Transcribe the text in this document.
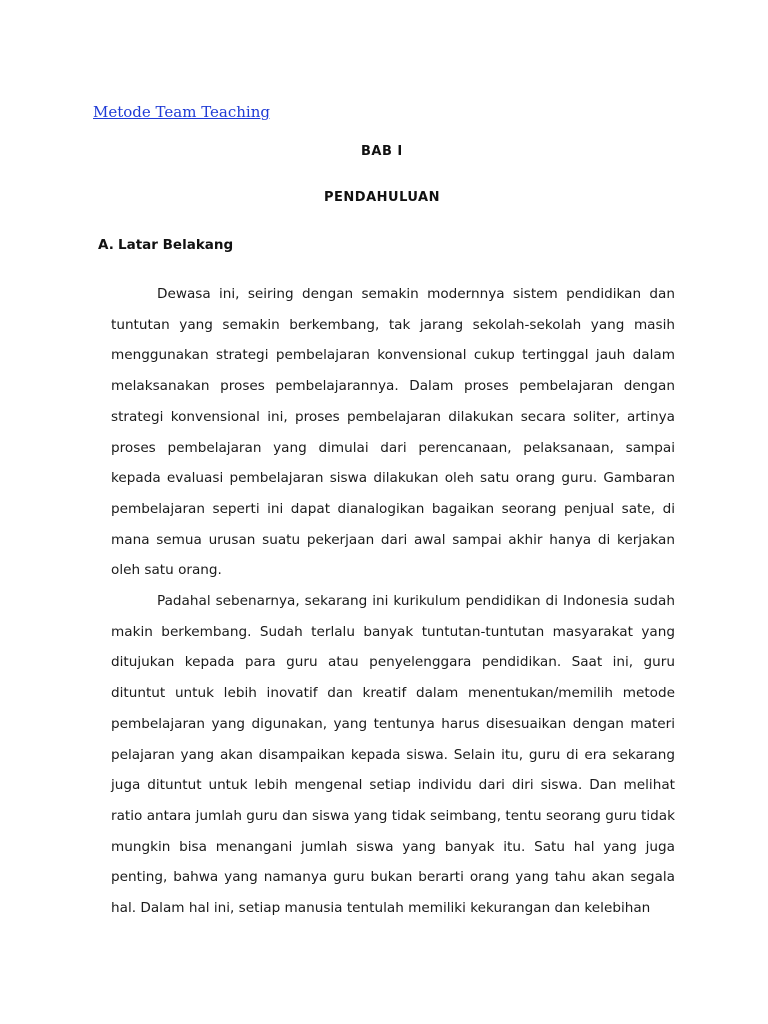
Metode Team Teaching
BAB I
PENDAHULUAN
A. Latar Belakang

Dewasa ini, seiring dengan semakin modernnya sistem pendidikan dan tuntutan yang semakin berkembang, tak jarang sekolah-sekolah yang masih menggunakan strategi pembelajaran konvensional cukup tertinggal jauh dalam melaksanakan proses pembelajarannya. Dalam proses pembelajaran dengan strategi konvensional ini, proses pembelajaran dilakukan secara soliter, artinya proses pembelajaran yang dimulai dari perencanaan, pelaksanaan, sampai kepada evaluasi pembelajaran siswa dilakukan oleh satu orang guru. Gambaran pembelajaran seperti ini dapat dianalogikan bagaikan seorang penjual sate, di mana semua urusan suatu pekerjaan dari awal sampai akhir hanya di kerjakan oleh satu orang.

Padahal sebenarnya, sekarang ini kurikulum pendidikan di Indonesia sudah makin berkembang. Sudah terlalu banyak tuntutan-tuntutan masyarakat yang ditujukan kepada para guru atau penyelenggara pendidikan. Saat ini, guru dituntut untuk lebih inovatif dan kreatif dalam menentukan/memilih metode pembelajaran yang digunakan, yang tentunya harus disesuaikan dengan materi pelajaran yang akan disampaikan kepada siswa. Selain itu, guru di era sekarang juga dituntut untuk lebih mengenal setiap individu dari diri siswa. Dan melihat ratio antara jumlah guru dan siswa yang tidak seimbang, tentu seorang guru tidak mungkin bisa menangani jumlah siswa yang banyak itu. Satu hal yang juga penting, bahwa yang namanya guru bukan berarti orang yang tahu akan segala hal. Dalam hal ini, setiap manusia tentulah memiliki kekurangan dan kelebihan
